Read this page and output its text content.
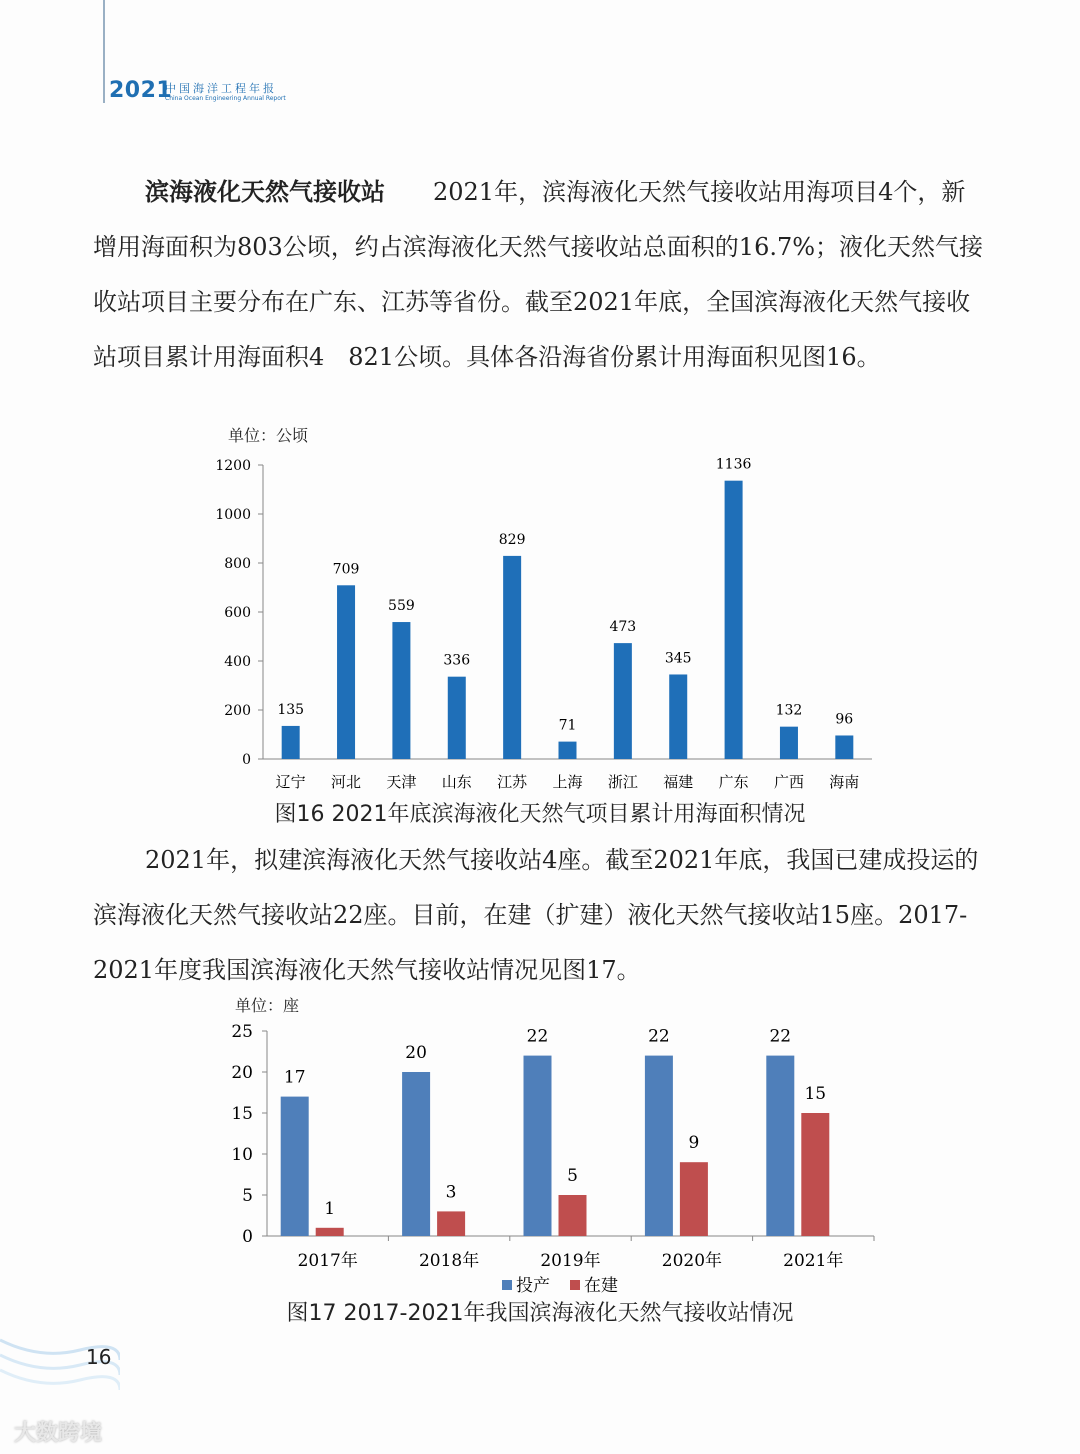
2021
中国海洋工程年报
China Ocean Engineering Annual Report

滨海液化天然气接收站　　 2021年，滨海液化天然气接收站用海项目4个，新增用海面积为803公顷，约占滨海液化天然气接收站总面积的16.7%；液化天然气接收站项目主要分布在广东、江苏等省份。截至2021年底，全国滨海液化天然气接收站项目累计用海面积4　821公顷。具体各沿海省份累计用海面积见图16。

单位：公顷
0
200
400
600
800
1000
1200
135
辽宁
709
河北
559
天津
336
山东
829
江苏
71
上海
473
浙江
345
福建
1136
广东
132
广西
96
海南
图16 2021年底滨海液化天然气项目累计用海面积情况

2021年，拟建滨海液化天然气接收站4座。截至2021年底，我国已建成投运的滨海液化天然气接收站22座。目前，在建（扩建）液化天然气接收站15座。2017-2021年度我国滨海液化天然气接收站情况见图17。

单位：座
0
5
10
15
20
25
17
1
2017年
20
3
2018年
22
5
2019年
22
9
2020年
22
15
2021年
投产 在建
图17 2017-2021年我国滨海液化天然气接收站情况
16
大数跨境
